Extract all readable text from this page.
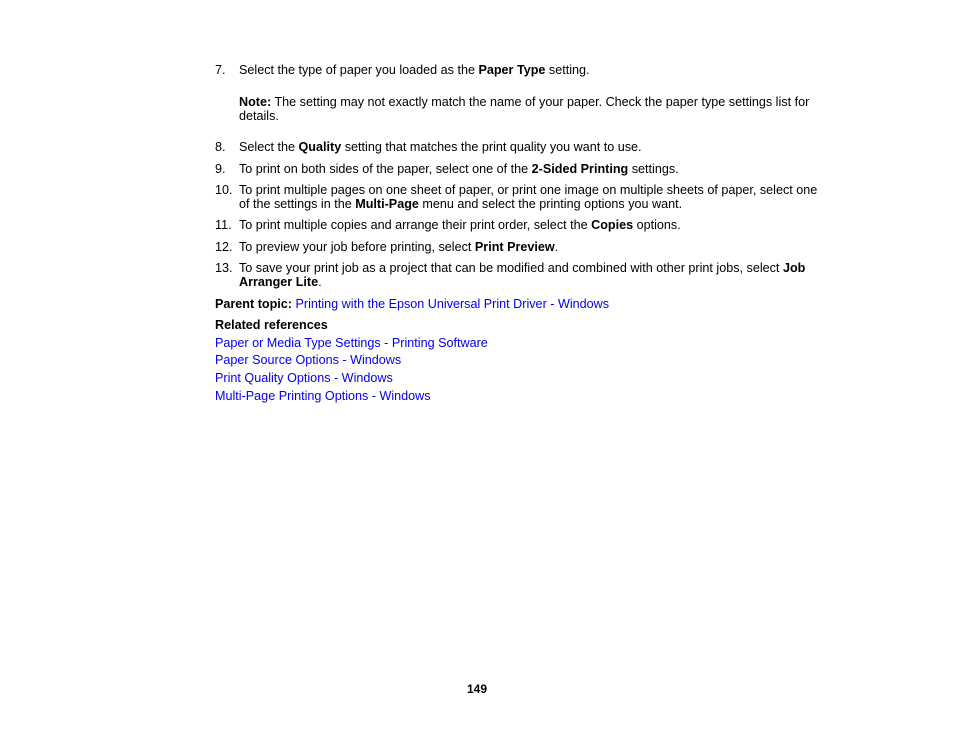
7. Select the type of paper you loaded as the Paper Type setting.
Note: The setting may not exactly match the name of your paper. Check the paper type settings list for details.
8. Select the Quality setting that matches the print quality you want to use.
9. To print on both sides of the paper, select one of the 2-Sided Printing settings.
10. To print multiple pages on one sheet of paper, or print one image on multiple sheets of paper, select one of the settings in the Multi-Page menu and select the printing options you want.
11. To print multiple copies and arrange their print order, select the Copies options.
12. To preview your job before printing, select Print Preview.
13. To save your print job as a project that can be modified and combined with other print jobs, select Job Arranger Lite.
Parent topic: Printing with the Epson Universal Print Driver - Windows
Related references
Paper or Media Type Settings - Printing Software
Paper Source Options - Windows
Print Quality Options - Windows
Multi-Page Printing Options - Windows
149
